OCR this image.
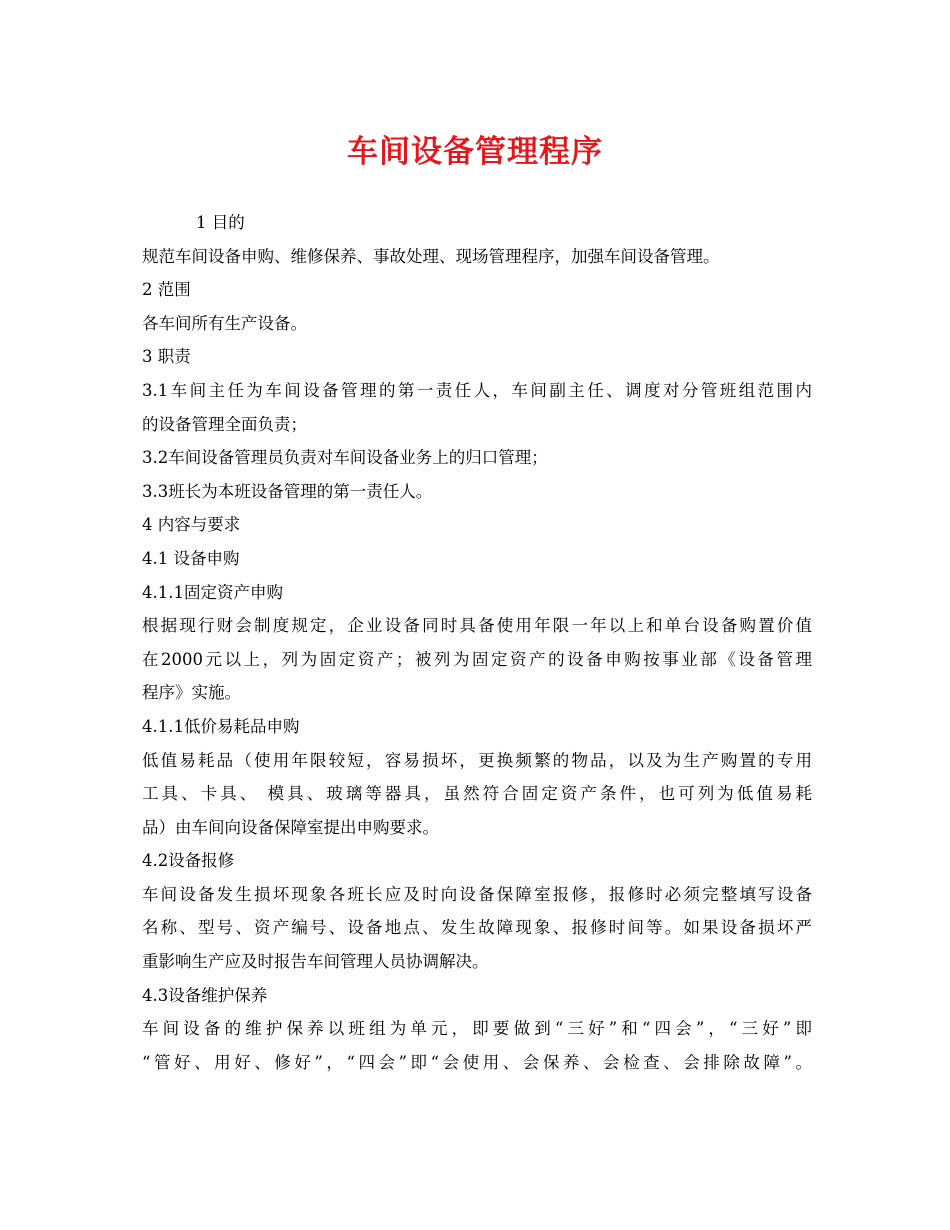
车间设备管理程序
1 目的
规范车间设备申购、维修保养、事故处理、现场管理程序，加强车间设备管理。
2 范围
各车间所有生产设备。
3 职责
3.1车间主任为车间设备管理的第一责任人，车间副主任、调度对分管班组范围内
的设备管理全面负责；
3.2车间设备管理员负责对车间设备业务上的归口管理；
3.3班长为本班设备管理的第一责任人。
4 内容与要求
4.1 设备申购
4.1.1固定资产申购
根据现行财会制度规定，企业设备同时具备使用年限一年以上和单台设备购置价值
在2000元以上，列为固定资产；被列为固定资产的设备申购按事业部《设备管理
程序》实施。
4.1.1低价易耗品申购
低值易耗品（使用年限较短，容易损坏，更换频繁的物品，以及为生产购置的专用
工具、卡具、 模具、玻璃等器具，虽然符合固定资产条件，也可列为低值易耗
品）由车间向设备保障室提出申购要求。
4.2设备报修
车间设备发生损坏现象各班长应及时向设备保障室报修，报修时必须完整填写设备
名称、型号、资产编号、设备地点、发生故障现象、报修时间等。如果设备损坏严
重影响生产应及时报告车间管理人员协调解决。
4.3设备维护保养
车间设备的维护保养以班组为单元，即要做到“三好”和“四会”，“三好”即
“管好、用好、修好”，“四会”即“会使用、会保养、会检查、会排除故障”。
